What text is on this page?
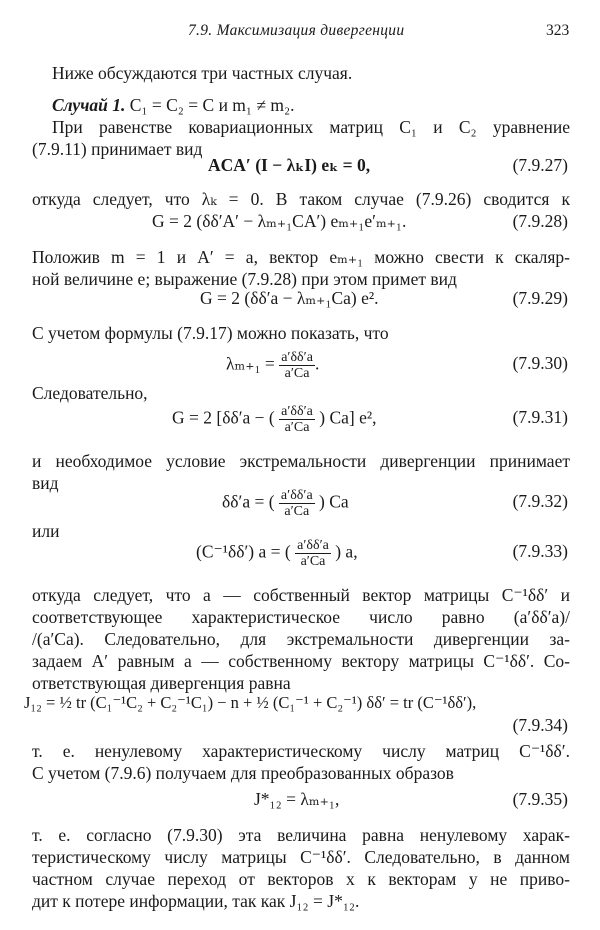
7.9. Максимизация дивергенции	323
Ниже обсуждаются три частных случая.
Случай 1. C₁ = C₂ = C и m₁ ≠ m₂.
При равенстве ковариационных матриц C₁ и C₂ уравнение
(7.9.11) принимает вид
ACA′ (I − λₖI) eₖ = 0,	(7.9.27)
откуда следует, что λₖ = 0. В таком случае (7.9.26) сводится к
G = 2 (δδ′A′ − λₘ₊₁CA′) eₘ₊₁e′ₘ₊₁.	(7.9.28)
Положив m = 1 и A′ = a, вектор eₘ₊₁ можно свести к скаляр-
ной величине e; выражение (7.9.28) при этом примет вид
G = 2 (δδ′a − λₘ₊₁Ca) e².	(7.9.29)
С учетом формулы (7.9.17) можно показать, что
$\lambda_{m+1} = \frac{a'\delta\delta'a}{a'Ca}$ .	(7.9.30)
Следовательно,
G = 2 [δδ′a − ( $\frac{a'\delta\delta'a}{a'Ca}$ ) Ca] e²,	(7.9.31)
и необходимое условие экстремальности дивергенции принимает
вид
δδ′a = ( $\frac{a'\delta\delta'a}{a'Ca}$ ) Ca	(7.9.32)
или
(C⁻¹δδ′) a = ( $\frac{a'\delta\delta'a}{a'Ca}$ ) a,	(7.9.33)
откуда следует, что a — собственный вектор матрицы C⁻¹δδ′ и
соответствующее характеристическое число равно (a′δδ′a)/
/(a′Ca). Следовательно, для экстремальности дивергенции за-
задаем A′ равным a — собственному вектору матрицы C⁻¹δδ′. Со-
ответствующая дивергенция равна
J₁₂ = ½ tr (C₁⁻¹C₂ + C₂⁻¹C₁) − n + ½ (C₁⁻¹ + C₂⁻¹) δδ′ = tr (C⁻¹δδ′),
(7.9.34)
т. е. ненулевому характеристическому числу матриц C⁻¹δδ′.
С учетом (7.9.6) получаем для преобразованных образов
J*₁₂ = λₘ₊₁,	(7.9.35)
т. е. согласно (7.9.30) эта величина равна ненулевому харак-
теристическому числу матрицы C⁻¹δδ′. Следовательно, в данном
частном случае переход от векторов x к векторам y не приво-
дит к потере информации, так как J₁₂ = J*₁₂.
